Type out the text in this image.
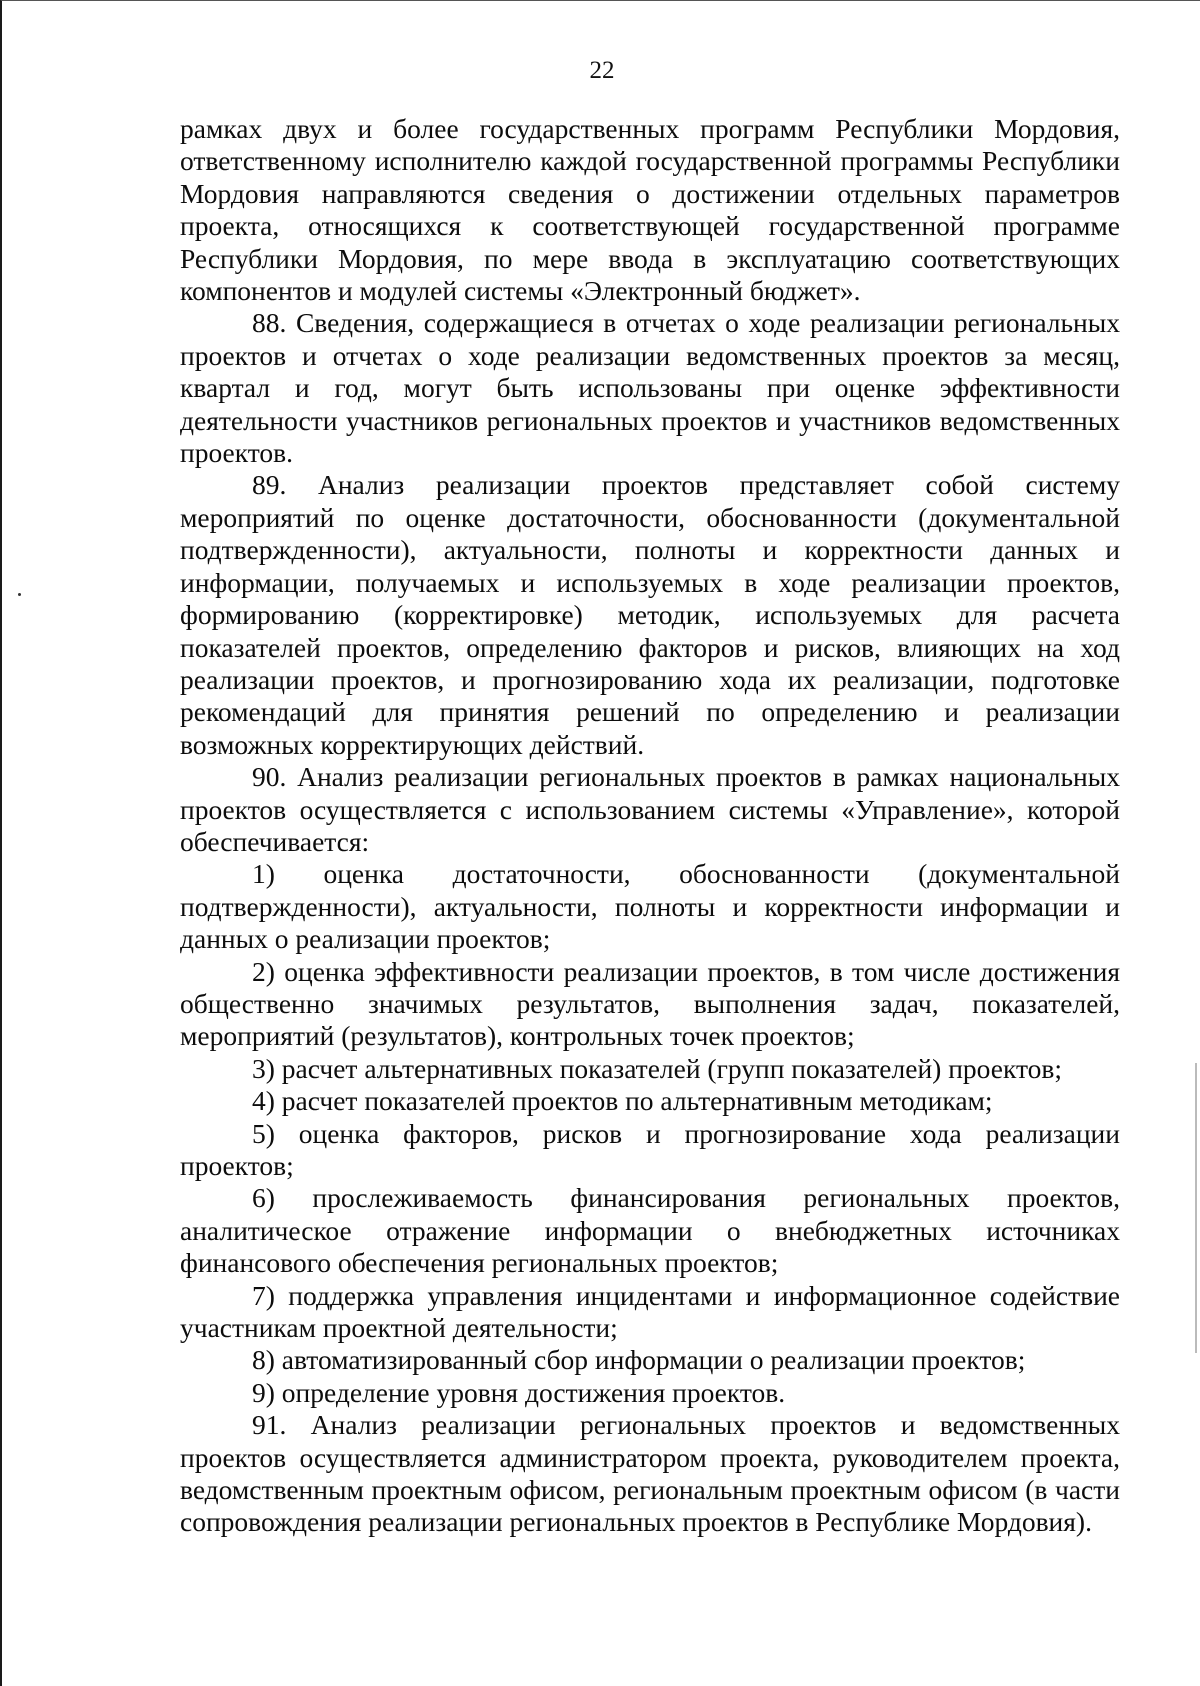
22

рамках двух и более государственных программ Республики Мордовия, ответственному исполнителю каждой государственной программы Республики Мордовия направляются сведения о достижении отдельных параметров проекта, относящихся к соответствующей государственной программе Республики Мордовия, по мере ввода в эксплуатацию соответствующих компонентов и модулей системы «Электронный бюджет».

88. Сведения, содержащиеся в отчетах о ходе реализации региональных проектов и отчетах о ходе реализации ведомственных проектов за месяц, квартал и год, могут быть использованы при оценке эффективности деятельности участников региональных проектов и участников ведомственных проектов.

89. Анализ реализации проектов представляет собой систему мероприятий по оценке достаточности, обоснованности (документальной подтвержденности), актуальности, полноты и корректности данных и информации, получаемых и используемых в ходе реализации проектов, формированию (корректировке) методик, используемых для расчета показателей проектов, определению факторов и рисков, влияющих на ход реализации проектов, и прогнозированию хода их реализации, подготовке рекомендаций для принятия решений по определению и реализации возможных корректирующих действий.

90. Анализ реализации региональных проектов в рамках национальных проектов осуществляется с использованием системы «Управление», которой обеспечивается:

1) оценка достаточности, обоснованности (документальной подтвержденности), актуальности, полноты и корректности информации и данных о реализации проектов;

2) оценка эффективности реализации проектов, в том числе достижения общественно значимых результатов, выполнения задач, показателей, мероприятий (результатов), контрольных точек проектов;

3) расчет альтернативных показателей (групп показателей) проектов;

4) расчет показателей проектов по альтернативным методикам;

5) оценка факторов, рисков и прогнозирование хода реализации проектов;

6) прослеживаемость финансирования региональных проектов, аналитическое отражение информации о внебюджетных источниках финансового обеспечения региональных проектов;

7) поддержка управления инцидентами и информационное содействие участникам проектной деятельности;

8) автоматизированный сбор информации о реализации проектов;

9) определение уровня достижения проектов.

91. Анализ реализации региональных проектов и ведомственных проектов осуществляется администратором проекта, руководителем проекта, ведомственным проектным офисом, региональным проектным офисом (в части сопровождения реализации региональных проектов в Республике Мордовия).
